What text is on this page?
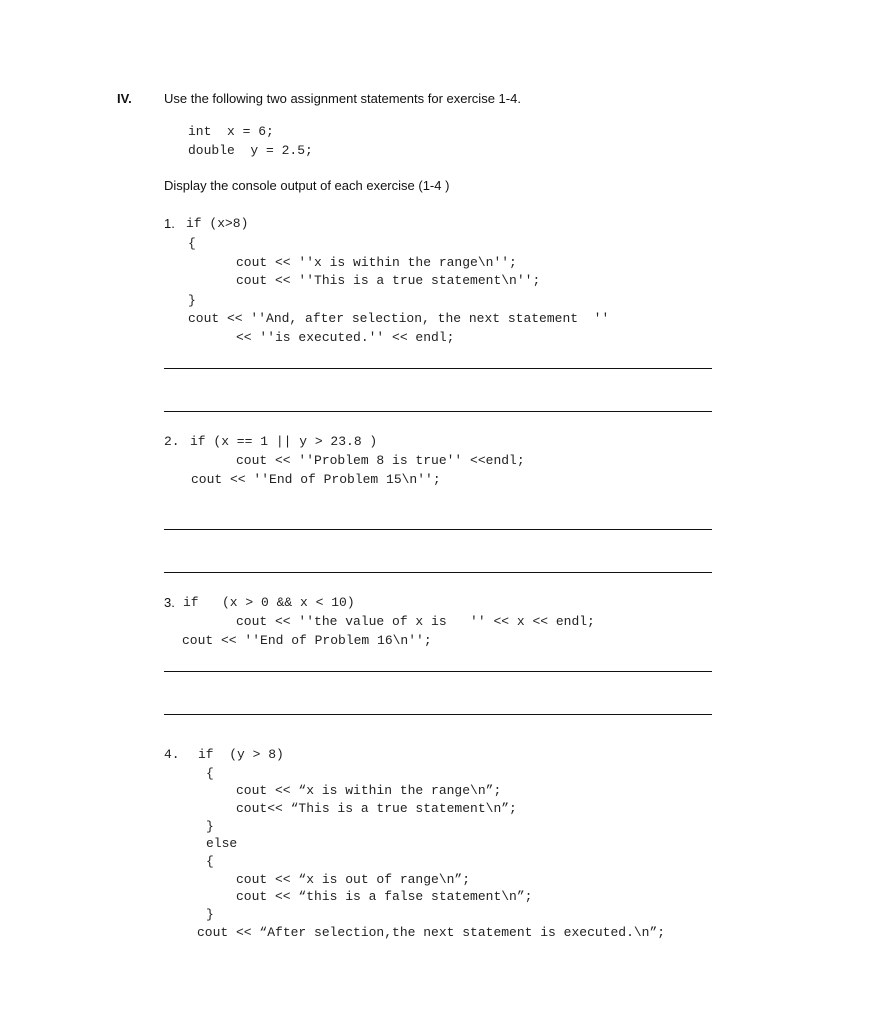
IV. Use the following two assignment statements for exercise 1-4.
int  x = 6;
double  y = 2.5;
Display the console output of each exercise (1-4 )
1. if (x>8)
{
cout << ''x is within the range\n'';
cout << ''This is a true statement\n'';
}
cout << ''And, after selection, the next statement  ''
<< ''is executed.'' << endl;
2. if (x == 1 || y > 23.8 )
cout << ''Problem 8 is true'' <<endl;
cout << ''End of Problem 15\n'';
3. if   (x > 0 && x < 10)
cout << ''the value of x is   '' << x << endl;
cout << ''End of Problem 16\n'';
4. if  (y > 8)
{
cout << “x is within the range\n”;
cout<< “This is a true statement\n”;
}
else
{
cout << “x is out of range\n”;
cout << “this is a false statement\n”;
}
cout << “After selection,the next statement is executed.\n”;
